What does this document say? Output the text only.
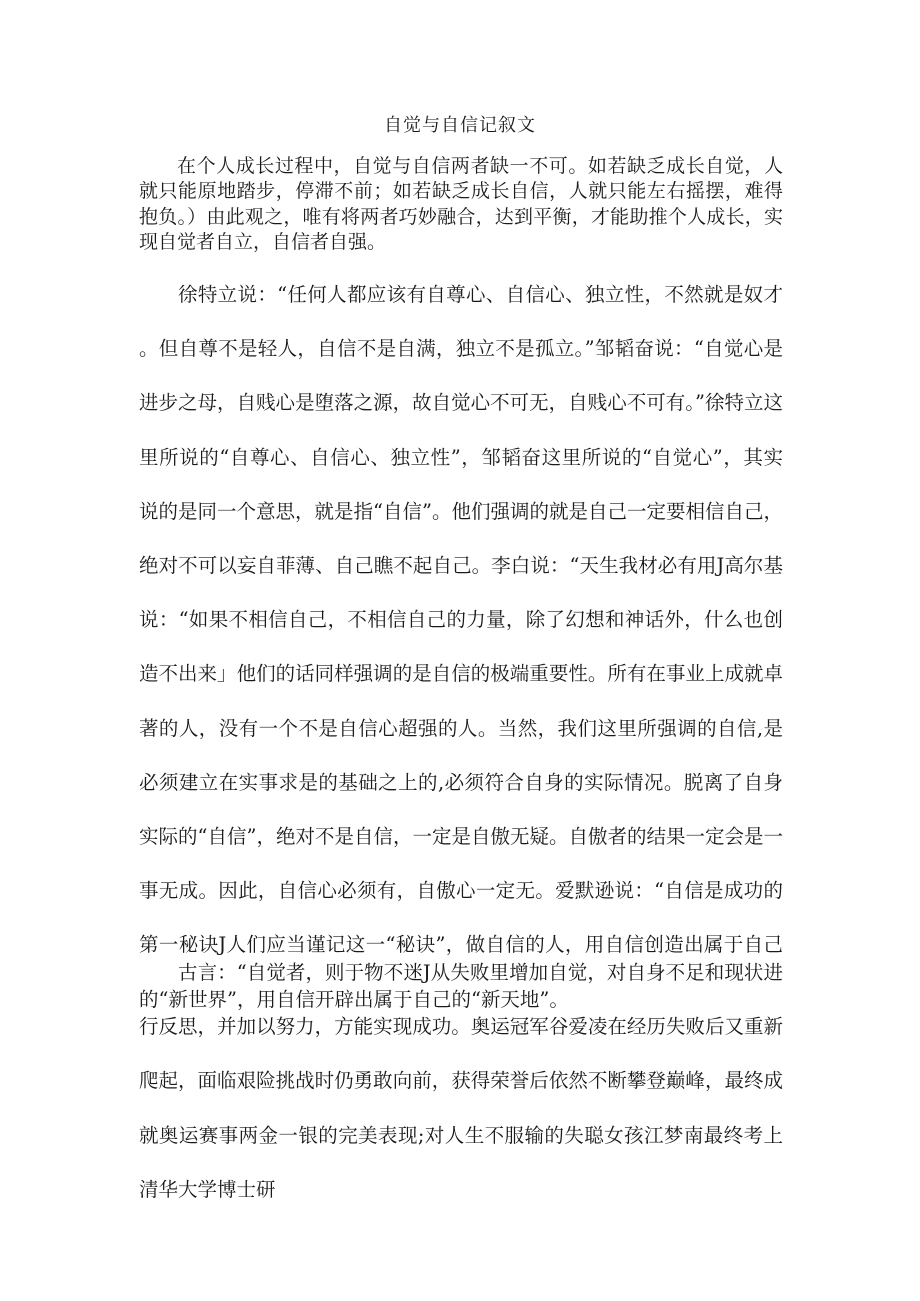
自觉与自信记叙文

在个人成长过程中，自觉与自信两者缺一不可。如若缺乏成长自觉，人就只能原地踏步，停滞不前；如若缺乏成长自信，人就只能左右摇摆，难得抱负。）由此观之，唯有将两者巧妙融合，达到平衡，才能助推个人成长，实现自觉者自立，自信者自强。

徐特立说：“任何人都应该有自尊心、自信心、独立性，不然就是奴才。但自尊不是轻人，自信不是自满，独立不是孤立。”邹韬奋说：“自觉心是进步之母，自贱心是堕落之源，故自觉心不可无，自贱心不可有。”徐特立这里所说的“自尊心、自信心、独立性”，邹韬奋这里所说的“自觉心”，其实说的是同一个意思，就是指“自信”。他们强调的就是自己一定要相信自己，绝对不可以妄自菲薄、自己瞧不起自己。李白说：“天生我材必有用J高尔基说：“如果不相信自己，不相信自己的力量，除了幻想和神话外，什么也创造不出来」他们的话同样强调的是自信的极端重要性。所有在事业上成就卓著的人，没有一个不是自信心超强的人。当然，我们这里所强调的自信,是必须建立在实事求是的基础之上的,必须符合自身的实际情况。脱离了自身实际的“自信”，绝对不是自信，一定是自傲无疑。自傲者的结果一定会是一事无成。因此，自信心必须有，自傲心一定无。爱默逊说：“自信是成功的第一秘诀J人们应当谨记这一“秘诀”，做自信的人，用自信创造出属于自己的“新世界”，用自信开辟出属于自己的“新天地”。

古言：“自觉者，则于物不迷J从失败里增加自觉，对自身不足和现状进行反思，并加以努力，方能实现成功。奥运冠军谷爱凌在经历失败后又重新爬起，面临艰险挑战时仍勇敢向前，获得荣誉后依然不断攀登巅峰，最终成就奥运赛事两金一银的完美表现;对人生不服输的失聪女孩江梦南最终考上清华大学博士研
